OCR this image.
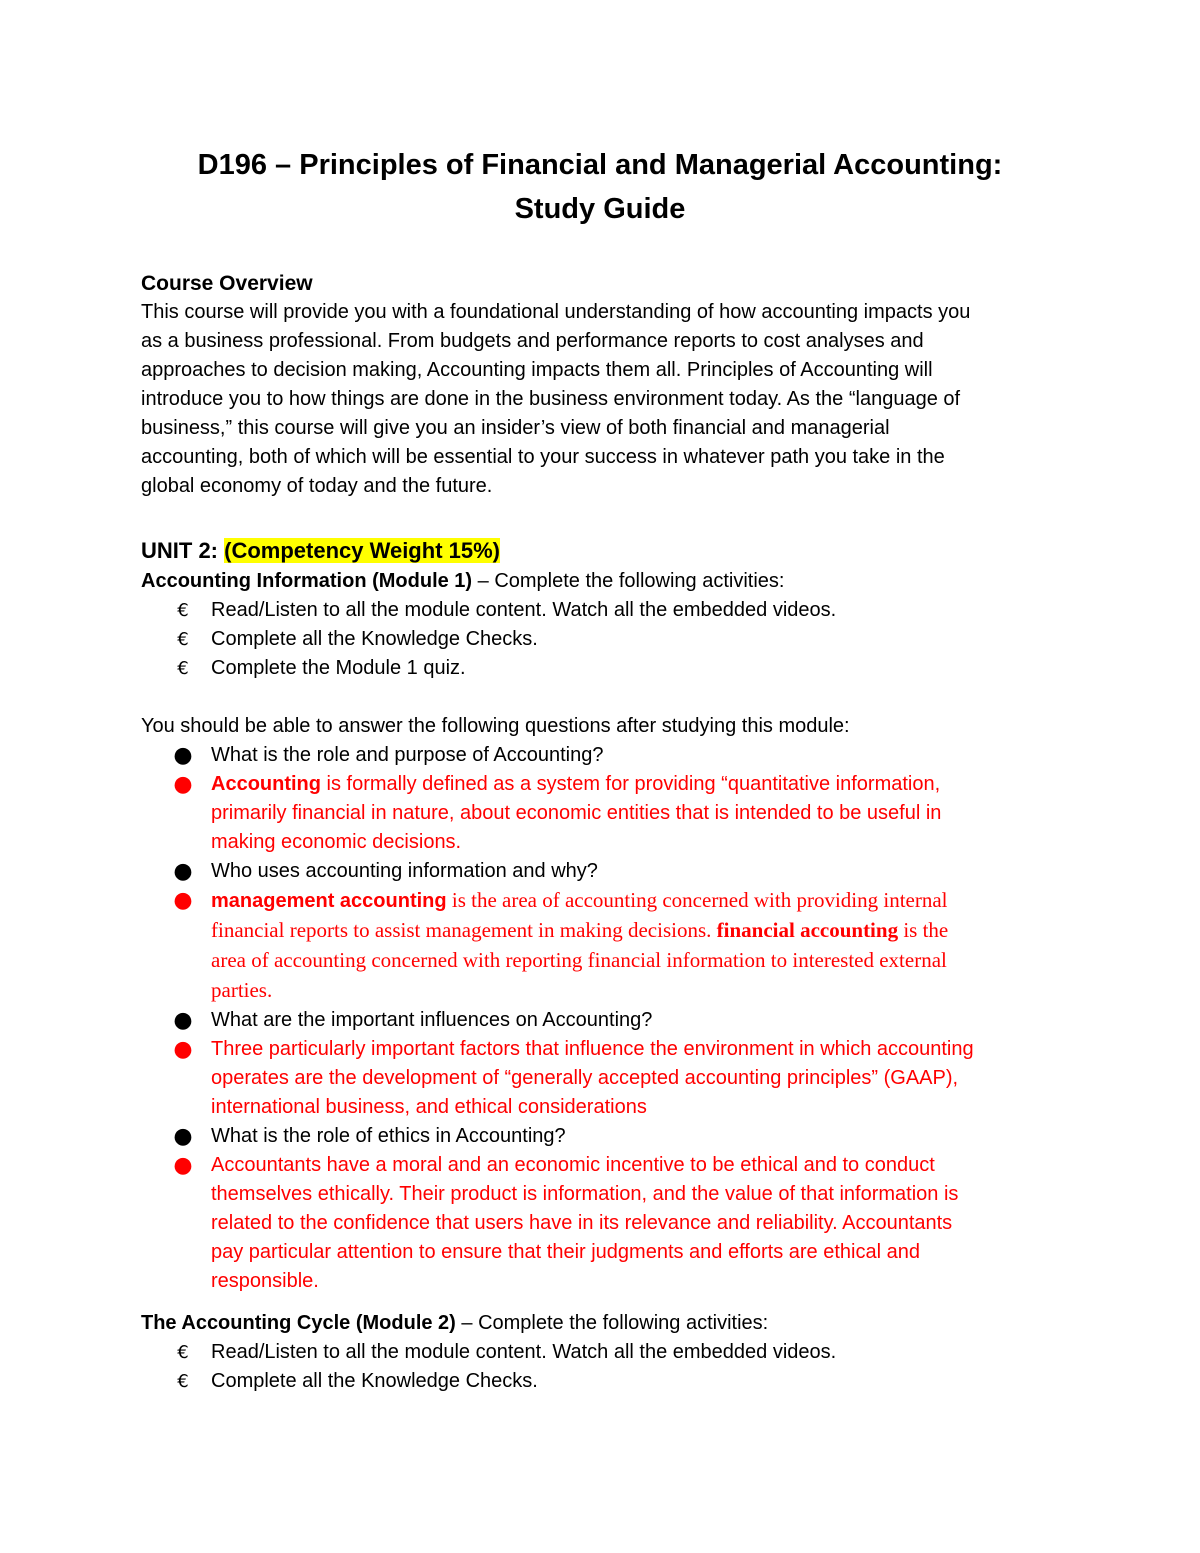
D196 – Principles of Financial and Managerial Accounting:
Study Guide
Course Overview
This course will provide you with a foundational understanding of how accounting impacts you
as a business professional. From budgets and performance reports to cost analyses and
approaches to decision making, Accounting impacts them all. Principles of Accounting will
introduce you to how things are done in the business environment today. As the “language of
business,” this course will give you an insider’s view of both financial and managerial
accounting, both of which will be essential to your success in whatever path you take in the
global economy of today and the future.
UNIT 2: (Competency Weight 15%)
Accounting Information (Module 1) – Complete the following activities:
€ Read/Listen to all the module content. Watch all the embedded videos.
€ Complete all the Knowledge Checks.
€ Complete the Module 1 quiz.
You should be able to answer the following questions after studying this module:
● What is the role and purpose of Accounting?
● Accounting is formally defined as a system for providing “quantitative information,
primarily financial in nature, about economic entities that is intended to be useful in
making economic decisions.
● Who uses accounting information and why?
● management accounting is the area of accounting concerned with providing internal
financial reports to assist management in making decisions. financial accounting is the
area of accounting concerned with reporting financial information to interested external
parties.
● What are the important influences on Accounting?
● Three particularly important factors that influence the environment in which accounting
operates are the development of “generally accepted accounting principles” (GAAP),
international business, and ethical considerations
● What is the role of ethics in Accounting?
● Accountants have a moral and an economic incentive to be ethical and to conduct
themselves ethically. Their product is information, and the value of that information is
related to the confidence that users have in its relevance and reliability. Accountants
pay particular attention to ensure that their judgments and efforts are ethical and
responsible.
The Accounting Cycle (Module 2) – Complete the following activities:
€ Read/Listen to all the module content. Watch all the embedded videos.
€ Complete all the Knowledge Checks.
